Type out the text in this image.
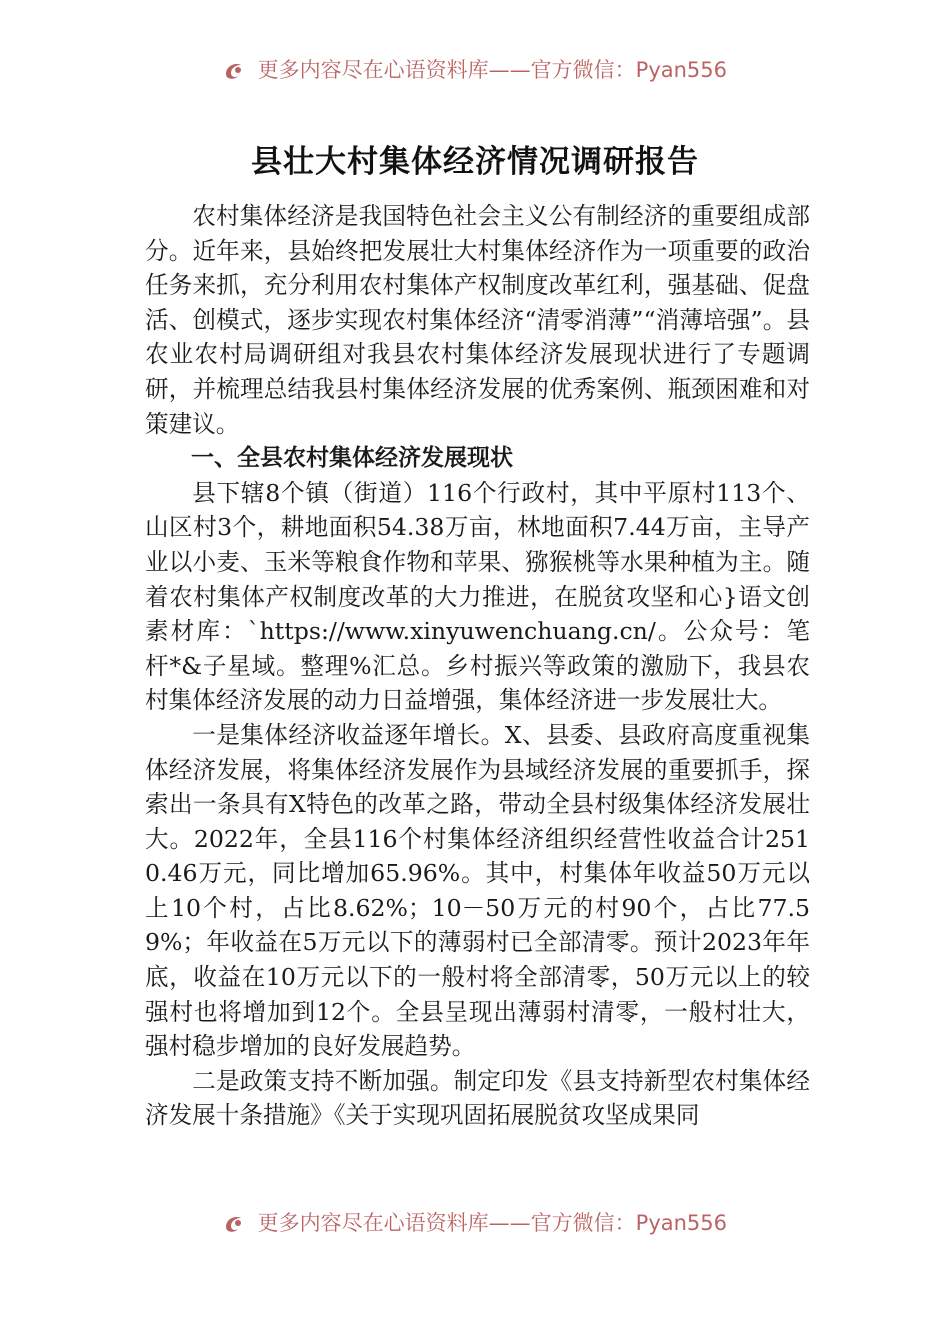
更多内容尽在心语资料库——官方微信：Pyan556
县壮大村集体经济情况调研报告

农村集体经济是我国特色社会主义公有制经济的重要组成部分。近年来，县始终把发展壮大村集体经济作为一项重要的政治任务来抓，充分利用农村集体产权制度改革红利，强基础、促盘活、创模式，逐步实现农村集体经济“清零消薄”“消薄培强”。县农业农村局调研组对我县农村集体经济发展现状进行了专题调研，并梳理总结我县村集体经济发展的优秀案例、瓶颈困难和对策建议。

一、全县农村集体经济发展现状

县下辖8个镇（街道）116个行政村，其中平原村113个、山区村3个，耕地面积54.38万亩，林地面积7.44万亩，主导产业以小麦、玉米等粮食作物和苹果、猕猴桃等水果种植为主。随着农村集体产权制度改革的大力推进，在脱贫攻坚和心}语文创素材库：`https://www.xinyuwenchuang.cn/。公众号：笔杆*&子星域。整理%汇总。乡村振兴等政策的激励下，我县农村集体经济发展的动力日益增强，集体经济进一步发展壮大。

一是集体经济收益逐年增长。X、县委、县政府高度重视集体经济发展，将集体经济发展作为县域经济发展的重要抓手，探索出一条具有X特色的改革之路，带动全县村级集体经济发展壮大。2022年，全县116个村集体经济组织经营性收益合计2510.46万元，同比增加65.96%。其中，村集体年收益50万元以上10个村，占比8.62%；10－50万元的村90个，占比77.59%；年收益在5万元以下的薄弱村已全部清零。预计2023年年底，收益在10万元以下的一般村将全部清零，50万元以上的较强村也将增加到12个。全县呈现出薄弱村清零，一般村壮大，强村稳步增加的良好发展趋势。

二是政策支持不断加强。制定印发《县支持新型农村集体经济发展十条措施》《关于实现巩固拓展脱贫攻坚成果同

更多内容尽在心语资料库——官方微信：Pyan556
